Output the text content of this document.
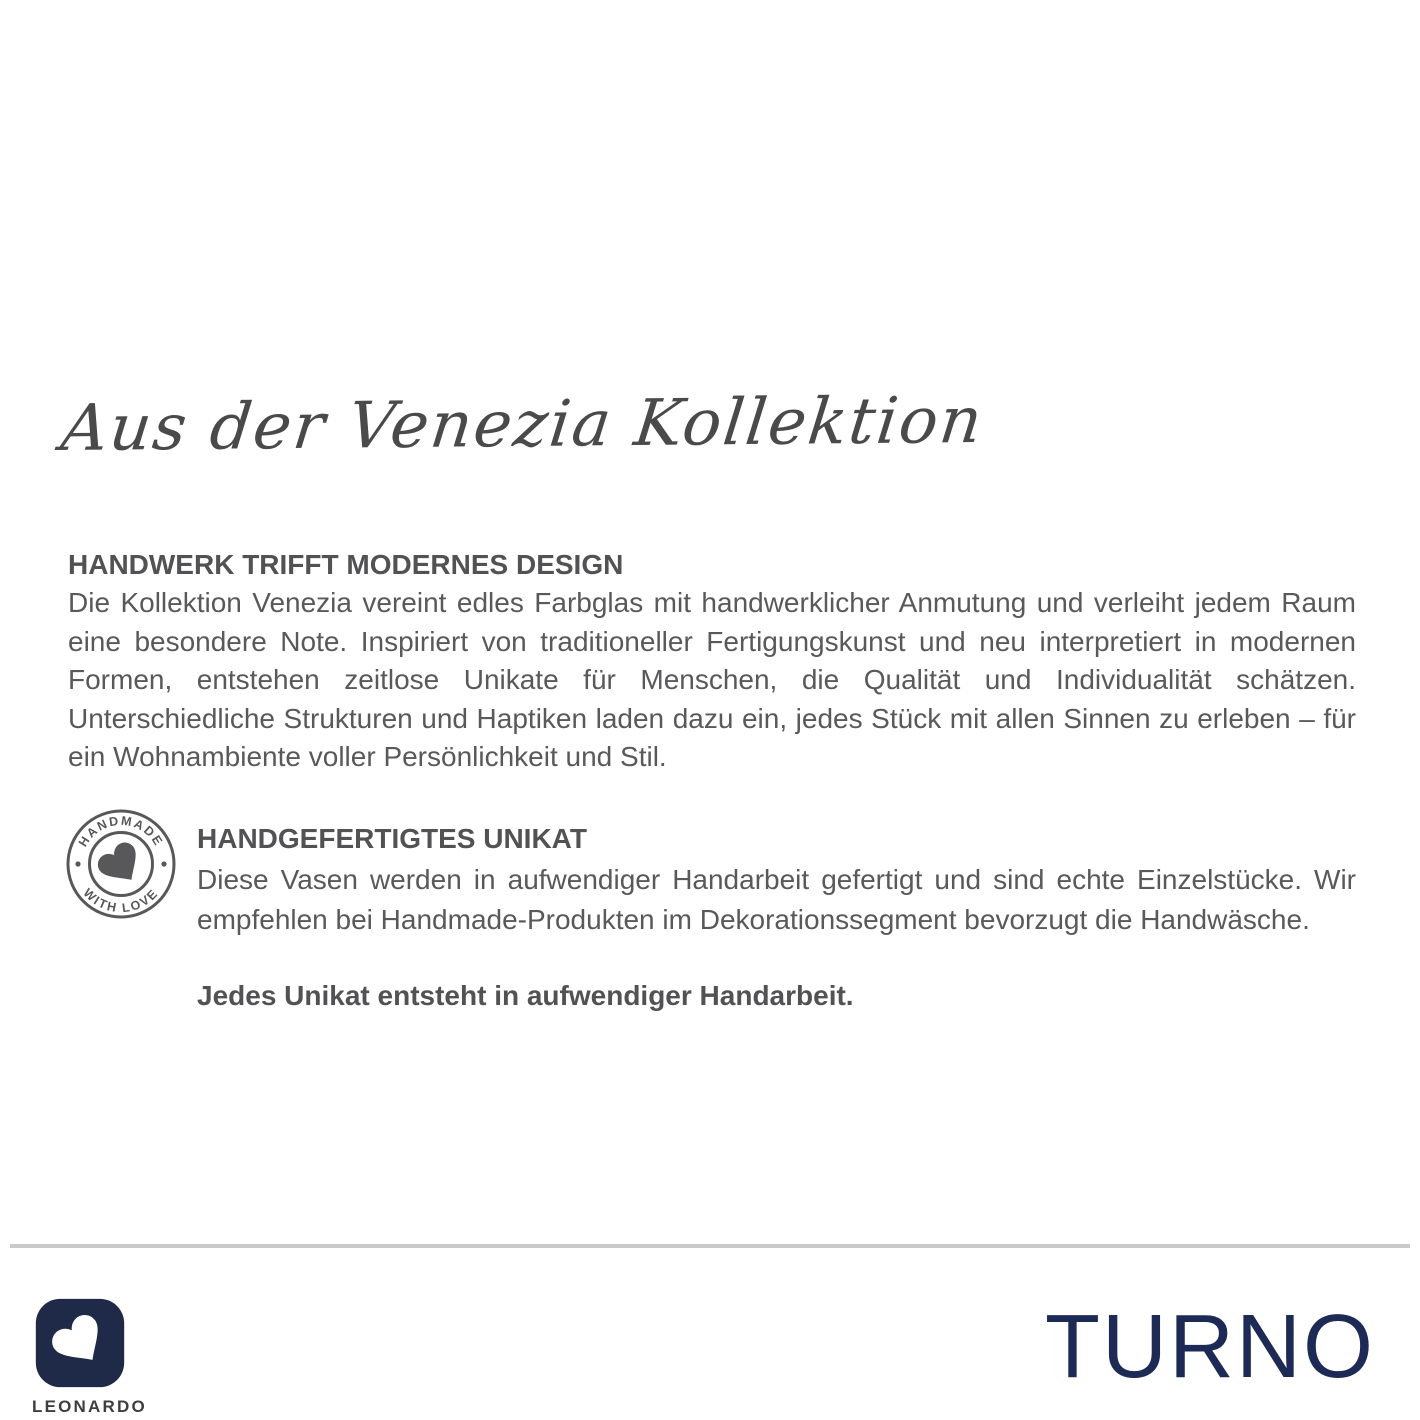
Aus der Venezia Kollektion
HANDWERK TRIFFT MODERNES DESIGN

Die Kollektion Venezia vereint edles Farbglas mit handwerklicher Anmutung und verleiht jedem Raum eine besondere Note. Inspiriert von traditioneller Fertigungskunst und neu interpretiert in modernen Formen, entstehen zeitlose Unikate für Menschen, die Qualität und Individualität schätzen. Unterschiedliche Strukturen und Haptiken laden dazu ein, jedes Stück mit allen Sinnen zu erleben – für ein Wohnambiente voller Persönlichkeit und Stil.

HANDMADE
WITH LOVE
HANDGEFERTIGTES UNIKAT

Diese Vasen werden in aufwendiger Handarbeit gefertigt und sind echte Einzelstücke. Wir empfehlen bei Handmade-Produkten im Dekorationssegment bevorzugt die Handwäsche.

Jedes Unikat entsteht in aufwendiger Handarbeit.

LEONARDO
TURNO
